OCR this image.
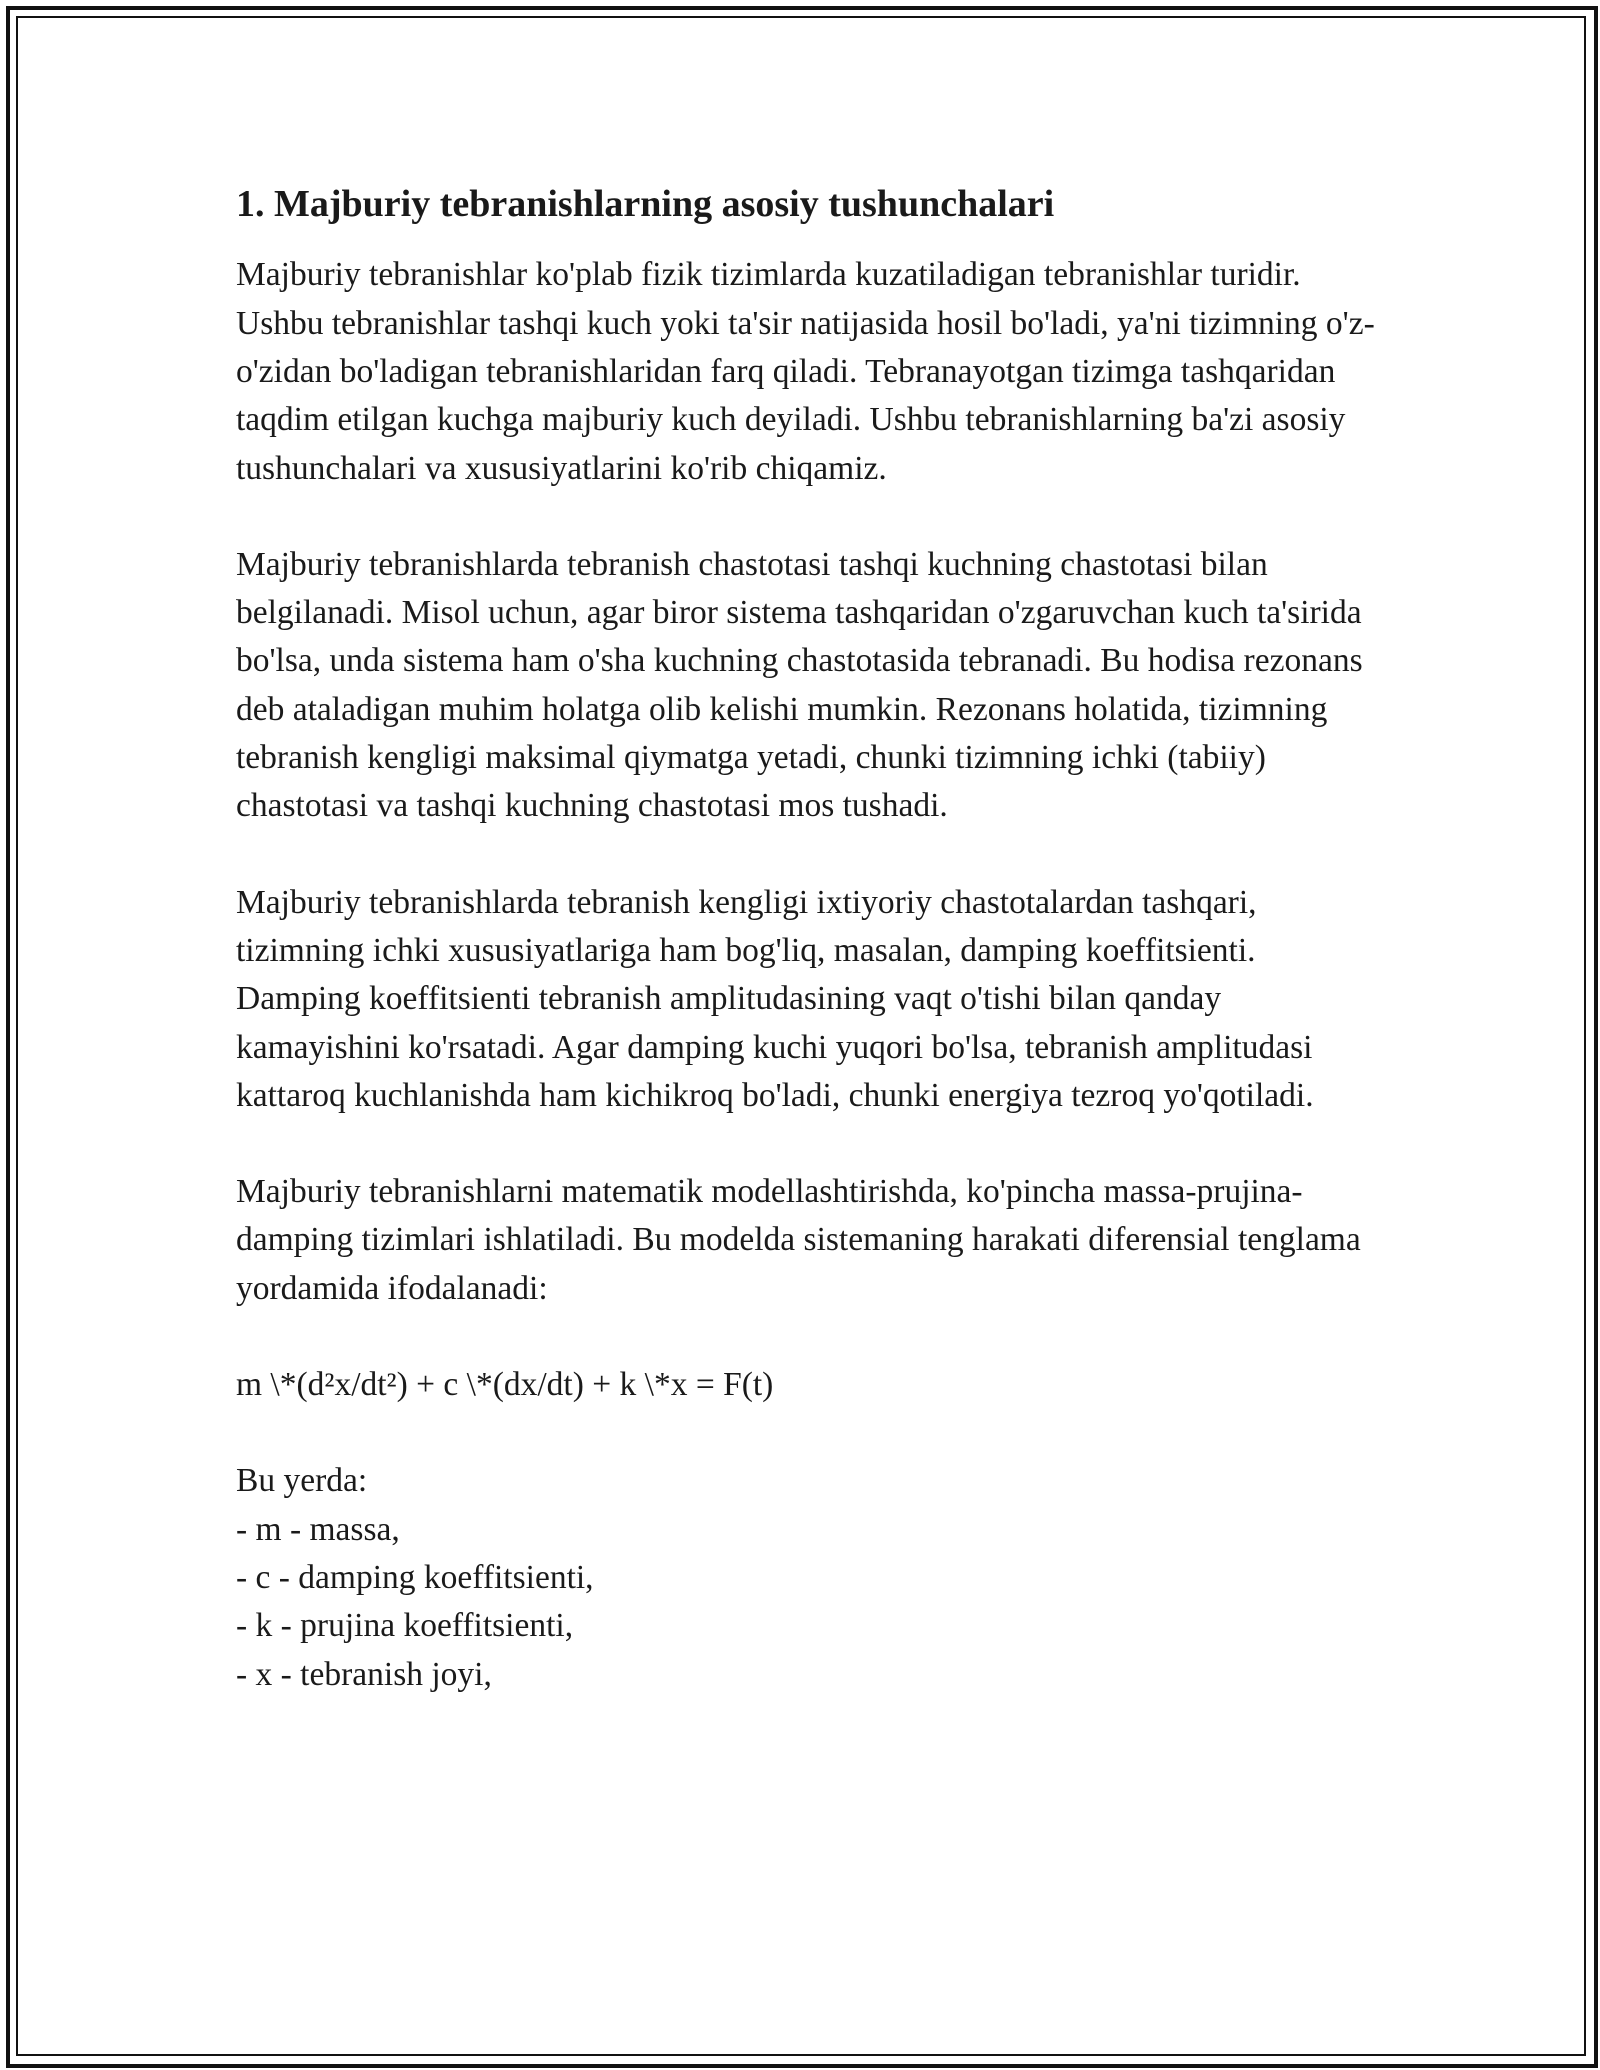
1. Majburiy tebranishlarning asosiy tushunchalari

Majburiy tebranishlar ko'plab fizik tizimlarda kuzatiladigan tebranishlar turidir. Ushbu tebranishlar tashqi kuch yoki ta'sir natijasida hosil bo'ladi, ya'ni tizimning o'z-o'zidan bo'ladigan tebranishlaridan farq qiladi. Tebranayotgan tizimga tashqaridan taqdim etilgan kuchga majburiy kuch deyiladi. Ushbu tebranishlarning ba'zi asosiy tushunchalari va xususiyatlarini ko'rib chiqamiz.

Majburiy tebranishlarda tebranish chastotasi tashqi kuchning chastotasi bilan belgilanadi. Misol uchun, agar biror sistema tashqaridan o'zgaruvchan kuch ta'sirida bo'lsa, unda sistema ham o'sha kuchning chastotasida tebranadi. Bu hodisa rezonans deb ataladigan muhim holatga olib kelishi mumkin. Rezonans holatida, tizimning tebranish kengligi maksimal qiymatga yetadi, chunki tizimning ichki (tabiiy) chastotasi va tashqi kuchning chastotasi mos tushadi.

Majburiy tebranishlarda tebranish kengligi ixtiyoriy chastotalardan tashqari, tizimning ichki xususiyatlariga ham bog'liq, masalan, damping koeffitsienti. Damping koeffitsienti tebranish amplitudasining vaqt o'tishi bilan qanday kamayishini ko'rsatadi. Agar damping kuchi yuqori bo'lsa, tebranish amplitudasi kattaroq kuchlanishda ham kichikroq bo'ladi, chunki energiya tezroq yo'qotiladi.

Majburiy tebranishlarni matematik modellashtirishda, ko'pincha massa-prujina-damping tizimlari ishlatiladi. Bu modelda sistemaning harakati diferensial tenglama yordamida ifodalanadi:

m \*(d²x/dt²) + c \*(dx/dt) + k \*x = F(t)

Bu yerda:

- m - massa,

- c - damping koeffitsienti,

- k - prujina koeffitsienti,

- x - tebranish joyi,
